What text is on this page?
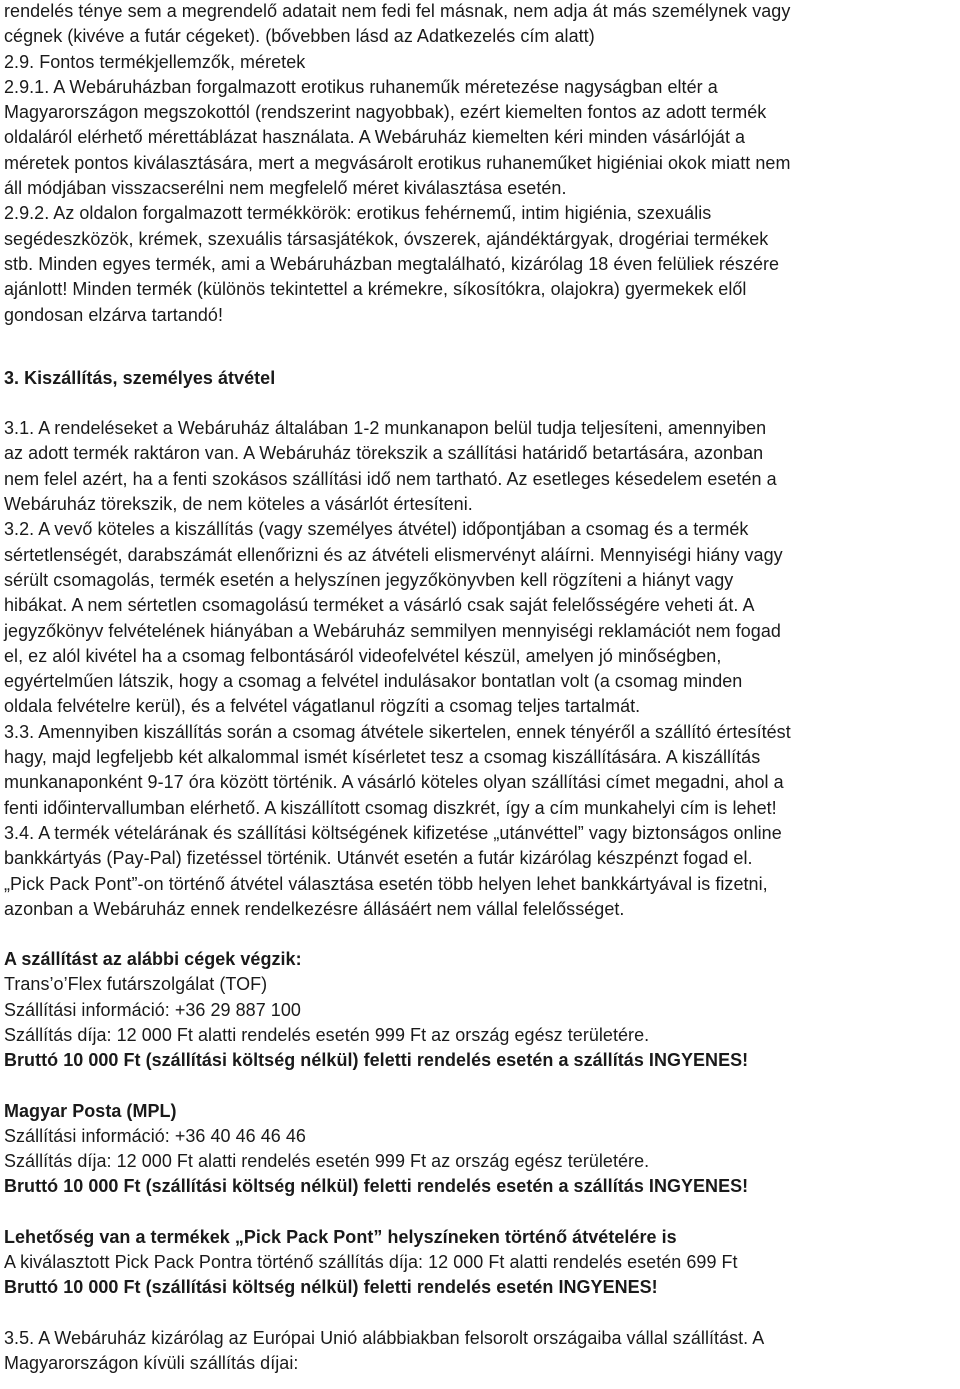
rendelés tényе sem a megrendelő adatait nem fedi fel másnak, nem adja át más személynek vagy
cégnek (kivéve a futár cégeket). (bővebben lásd az Adatkezelés cím alatt)
2.9. Fontos termékjellemzők, méretek
2.9.1. A Webáruházban forgalmazott erotikus ruhaneműk méretezése nagyságban eltér a
Magyarországon megszokottól (rendszerint nagyobbak), ezért kiemelten fontos az adott termék
oldaláról elérhető mérettáblázat használata. A Webáruház kiemelten kéri minden vásárlóját a
méretek pontos kiválasztására, mert a megvásárolt erotikus ruhaneműket higiéniai okok miatt nem
áll módjában visszacserélni nem megfelelő méret kiválasztása esetén.
2.9.2. Az oldalon forgalmazott termékkörök: erotikus fehérnemű, intim higiénia, szexuális
segédeszközök, krémek, szexuális társasjátékok, óvszerek, ajándéktárgyak, drogériai termékek
stb. Minden egyes termék, ami a Webáruházban megtalálható, kizárólag 18 éven felüliek részére
ajánlott! Minden termék (különös tekintettel a krémekre, síkosítókra, olajokra) gyermekek elől
gondosan elzárva tartandó!
3. Kiszállítás, személyes átvétel
3.1. A rendeléseket a Webáruház általában 1-2 munkanapon belül tudja teljesíteni, amennyiben
az adott termék raktáron van. A Webáruház törekszik a szállítási határidő betartására, azonban
nem felel azért, ha a fenti szokásos szállítási idő nem tartható. Az esetleges késedelem esetén a
Webáruház törekszik, de nem köteles a vásárlót értesíteni.
3.2. A vevő köteles a kiszállítás (vagy személyes átvétel) időpontjában a csomag és a termék
sértetlenségét, darabszámát ellenőrizni és az átvételi elismervényt aláírni. Mennyiségi hiány vagy
sérült csomagolás, termék esetén a helyszínen jegyzőkönyvben kell rögzíteni a hiányt vagy
hibákat. A nem sértetlen csomagolású terméket a vásárló csak saját felelősségére veheti át. A
jegyzőkönyv felvételének hiányában a Webáruház semmilyen mennyiségi reklamációt nem fogad
el, ez alól kivétel ha a csomag felbontásáról videofelvétel készül, amelyen jó minőségben,
egyértelműen látszik, hogy a csomag a felvétel indulásakor bontatlan volt (a csomag minden
oldala felvételre kerül), és a felvétel vágatlanul rögzíti a csomag teljes tartalmát.
3.3. Amennyiben kiszállítás során a csomag átvétele sikertelen, ennek tényéről a szállító értesítést
hagy, majd legfeljebb két alkalommal ismét kísérletet tesz a csomag kiszállítására. A kiszállítás
munkanaponként 9-17 óra között történik. A vásárló köteles olyan szállítási címet megadni, ahol a
fenti időintervallumban elérhető. A kiszállított csomag diszkrét, így a cím munkahelyi cím is lehet!
3.4. A termék vételárának és szállítási költségének kifizetése „utánvéttel” vagy biztonságos online
bankkártyás (Pay-Pal) fizetéssel történik. Utánvét esetén a futár kizárólag készpénzt fogad el.
„Pick Pack Pont”-on történő átvétel választása esetén több helyen lehet bankkártyával is fizetni,
azonban a Webáruház ennek rendelkezésre állásáért nem vállal felelősséget.
A szállítást az alábbi cégek végzik:
Trans’o’Flex futárszolgálat (TOF)
Szállítási információ: +36 29 887 100
Szállítás díja: 12 000 Ft alatti rendelés esetén 999 Ft az ország egész területére.
Bruttó 10 000 Ft (szállítási költség nélkül) feletti rendelés esetén a szállítás INGYENES!
Magyar Posta (MPL)
Szállítási információ: +36 40 46 46 46
Szállítás díja: 12 000 Ft alatti rendelés esetén 999 Ft az ország egész területére.
Bruttó 10 000 Ft (szállítási költség nélkül) feletti rendelés esetén a szállítás INGYENES!
Lehetőség van a termékek „Pick Pack Pont” helyszíneken történő átvételére is
A kiválasztott Pick Pack Pontra történő szállítás díja: 12 000 Ft alatti rendelés esetén 699 Ft
Bruttó 10 000 Ft (szállítási költség nélkül) feletti rendelés esetén INGYENES!
3.5. A Webáruház kizárólag az Európai Unió alábbiakban felsorolt országaiba vállal szállítást. A
Magyarországon kívüli szállítás díjai:
